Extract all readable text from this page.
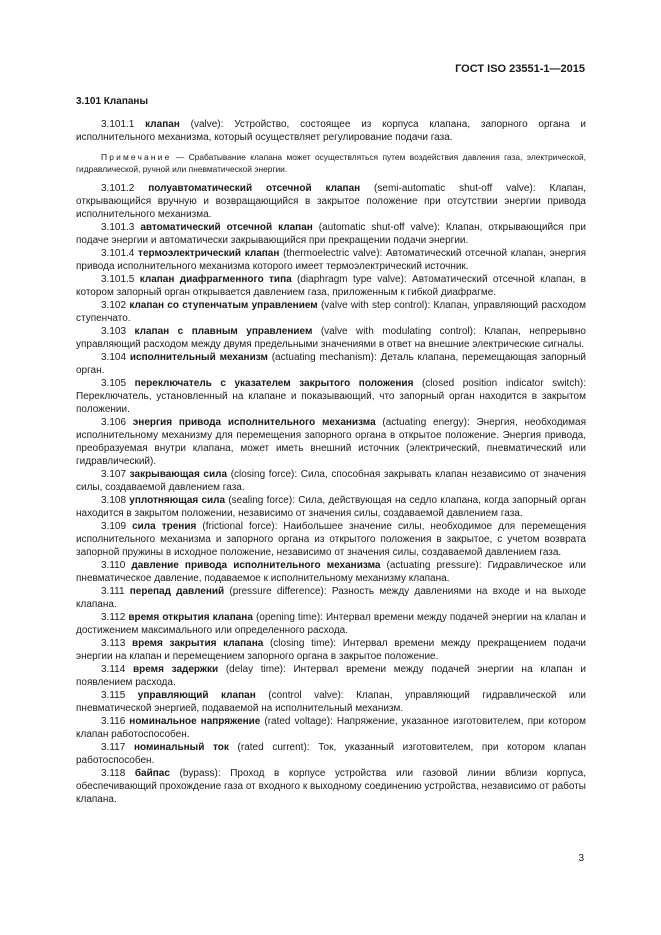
ГОСТ ISO 23551-1—2015

3.101 Клапаны

3.101.1 клапан (valve): Устройство, состоящее из корпуса клапана, запорного органа и исполнительного механизма, который осуществляет регулирование подачи газа.

Примечание — Срабатывание клапана может осуществляться путем воздействия давления газа, электрической, гидравлической, ручной или пневматической энергии.

3.101.2 полуавтоматический отсечной клапан (semi-automatic shut-off valve): Клапан, открывающийся вручную и возвращающийся в закрытое положение при отсутствии энергии привода исполнительного механизма.

3.101.3 автоматический отсечной клапан (automatic shut-off valve): Клапан, открывающийся при подаче энергии и автоматически закрывающийся при прекращении подачи энергии.

3.101.4 термоэлектрический клапан (thermoelectric valve): Автоматический отсечной клапан, энергия привода исполнительного механизма которого имеет термоэлектрический источник.

3.101.5 клапан диафрагменного типа (diaphragm type valve): Автоматический отсечной клапан, в котором запорный орган открывается давлением газа, приложенным к гибкой диафрагме.

3.102 клапан со ступенчатым управлением (valve with step control): Клапан, управляющий расходом ступенчато.

3.103 клапан с плавным управлением (valve with modulating control): Клапан, непрерывно управляющий расходом между двумя предельными значениями в ответ на внешние электрические сигналы.

3.104 исполнительный механизм (actuating mechanism): Деталь клапана, перемещающая запорный орган.

3.105 переключатель с указателем закрытого положения (closed position indicator switch): Переключатель, установленный на клапане и показывающий, что запорный орган находится в закрытом положении.

3.106 энергия привода исполнительного механизма (actuating energy): Энергия, необходимая исполнительному механизму для перемещения запорного органа в открытое положение. Энергия привода, преобразуемая внутри клапана, может иметь внешний источник (электрический, пневматический или гидравлический).

3.107 закрывающая сила (closing force): Сила, способная закрывать клапан независимо от значения силы, создаваемой давлением газа.

3.108 уплотняющая сила (sealing force): Сила, действующая на седло клапана, когда запорный орган находится в закрытом положении, независимо от значения силы, создаваемой давлением газа.

3.109 сила трения (frictional force): Наибольшее значение силы, необходимое для перемещения исполнительного механизма и запорного органа из открытого положения в закрытое, с учетом возврата запорной пружины в исходное положение, независимо от значения силы, создаваемой давлением газа.

3.110 давление привода исполнительного механизма (actuating pressure): Гидравлическое или пневматическое давление, подаваемое к исполнительному механизму клапана.

3.111 перепад давлений (pressure difference): Разность между давлениями на входе и на выходе клапана.

3.112 время открытия клапана (opening time): Интервал времени между подачей энергии на клапан и достижением максимального или определенного расхода.

3.113 время закрытия клапана (closing time): Интервал времени между прекращением подачи энергии на клапан и перемещением запорного органа в закрытое положение.

3.114 время задержки (delay time): Интервал времени между подачей энергии на клапан и появлением расхода.

3.115 управляющий клапан (control valve): Клапан, управляющий гидравлической или пневматической энергией, подаваемой на исполнительный механизм.

3.116 номинальное напряжение (rated voltage): Напряжение, указанное изготовителем, при котором клапан работоспособен.

3.117 номинальный ток (rated current): Ток, указанный изготовителем, при котором клапан работоспособен.

3.118 байпас (bypass): Проход в корпусе устройства или газовой линии вблизи корпуса, обеспечивающий прохождение газа от входного к выходному соединению устройства, независимо от работы клапана.

3
